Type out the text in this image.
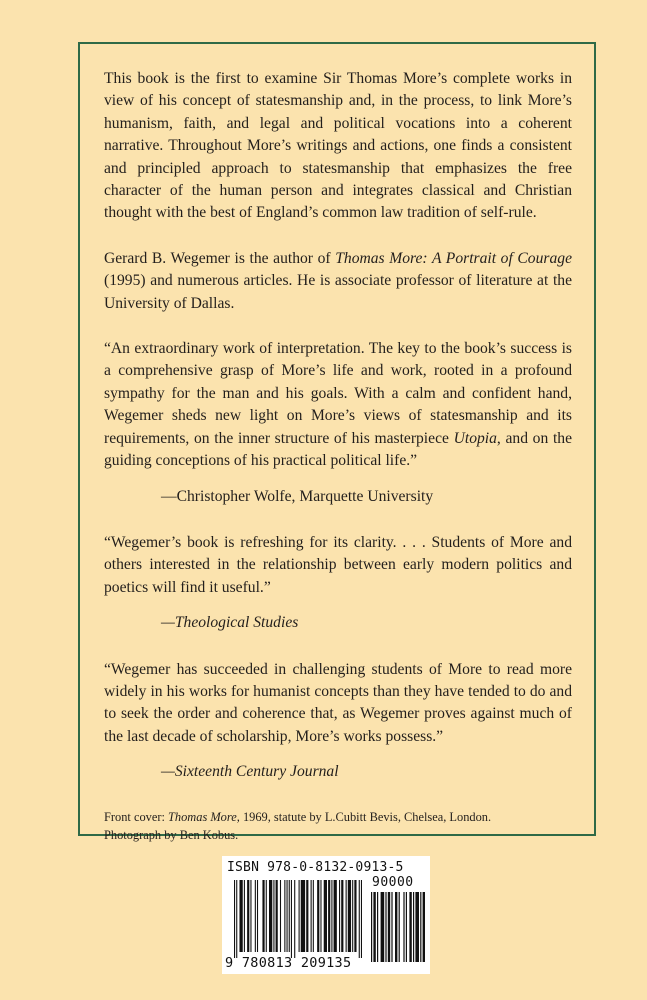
This book is the first to examine Sir Thomas More’s complete works in view of his concept of statesmanship and, in the process, to link More’s humanism, faith, and legal and political vocations into a coherent narrative. Throughout More’s writings and actions, one finds a consistent and principled approach to statesmanship that emphasizes the free character of the human person and integrates classical and Christian thought with the best of England’s common law tradition of self-rule.

Gerard B. Wegemer is the author of Thomas More: A Portrait of Courage (1995) and numerous articles. He is associate professor of literature at the University of Dallas.

“An extraordinary work of interpretation. The key to the book’s success is a comprehensive grasp of More’s life and work, rooted in a profound sympathy for the man and his goals. With a calm and confident hand, Wegemer sheds new light on More’s views of statesmanship and its requirements, on the inner structure of his masterpiece Utopia, and on the guiding conceptions of his practical political life.”

—Christopher Wolfe, Marquette University

“Wegemer’s book is refreshing for its clarity. . . . Students of More and others interested in the relationship between early modern politics and poetics will find it useful.”

—Theological Studies

“Wegemer has succeeded in challenging students of More to read more widely in his works for humanist concepts than they have tended to do and to seek the order and coherence that, as Wegemer proves against much of the last decade of scholarship, More’s works possess.”

—Sixteenth Century Journal

Front cover: Thomas More, 1969, statute by L.Cubitt Bevis, Chelsea, London.
Photograph by Ben Kobus.

ISBN 978-0-8132-0913-5
90000
9 780813 209135
